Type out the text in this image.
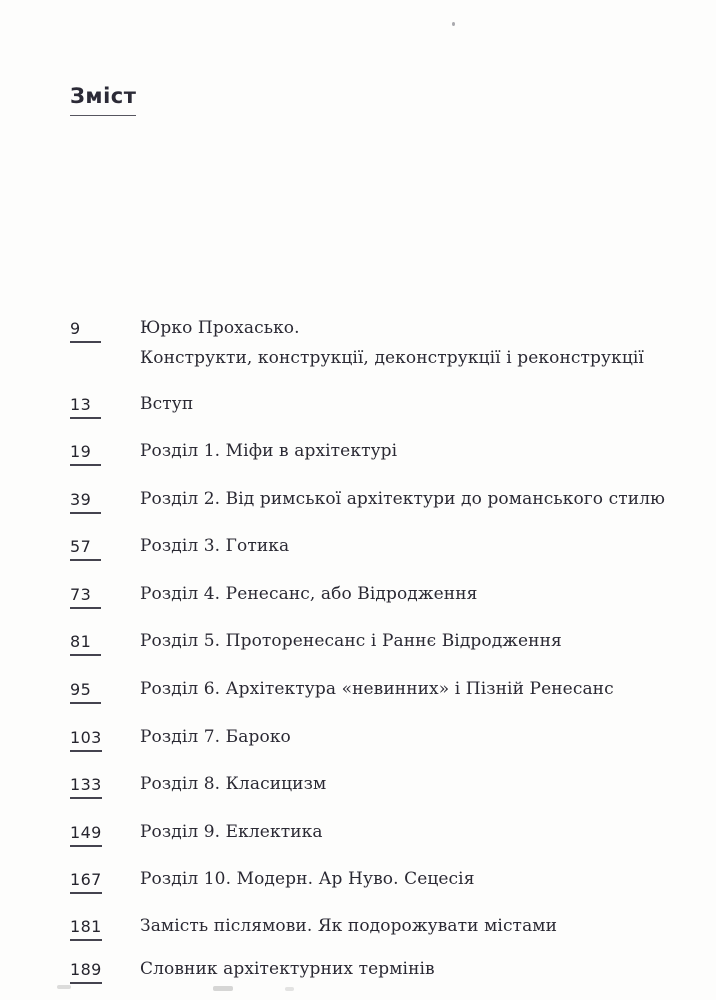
Зміст
9	Юрко Прохасько.
Конструкти, конструкції, деконструкції і реконструкції
13	Вступ
19	Розділ 1. Міфи в архітектурі
39	Розділ 2. Від римської архітектури до романського стилю
57	Розділ 3. Готика
73	Розділ 4. Ренесанс, або Відродження
81	Розділ 5. Проторенесанс і Раннє Відродження
95	Розділ 6. Архітектура «невинних» і Пізній Ренесанс
103 Розділ 7. Бароко
133 Розділ 8. Класицизм
149 Розділ 9. Еклектика
167 Розділ 10. Модерн. Ар Нуво. Сецесія
181 Замість післямови. Як подорожувати містами
189 Словник архітектурних термінів
